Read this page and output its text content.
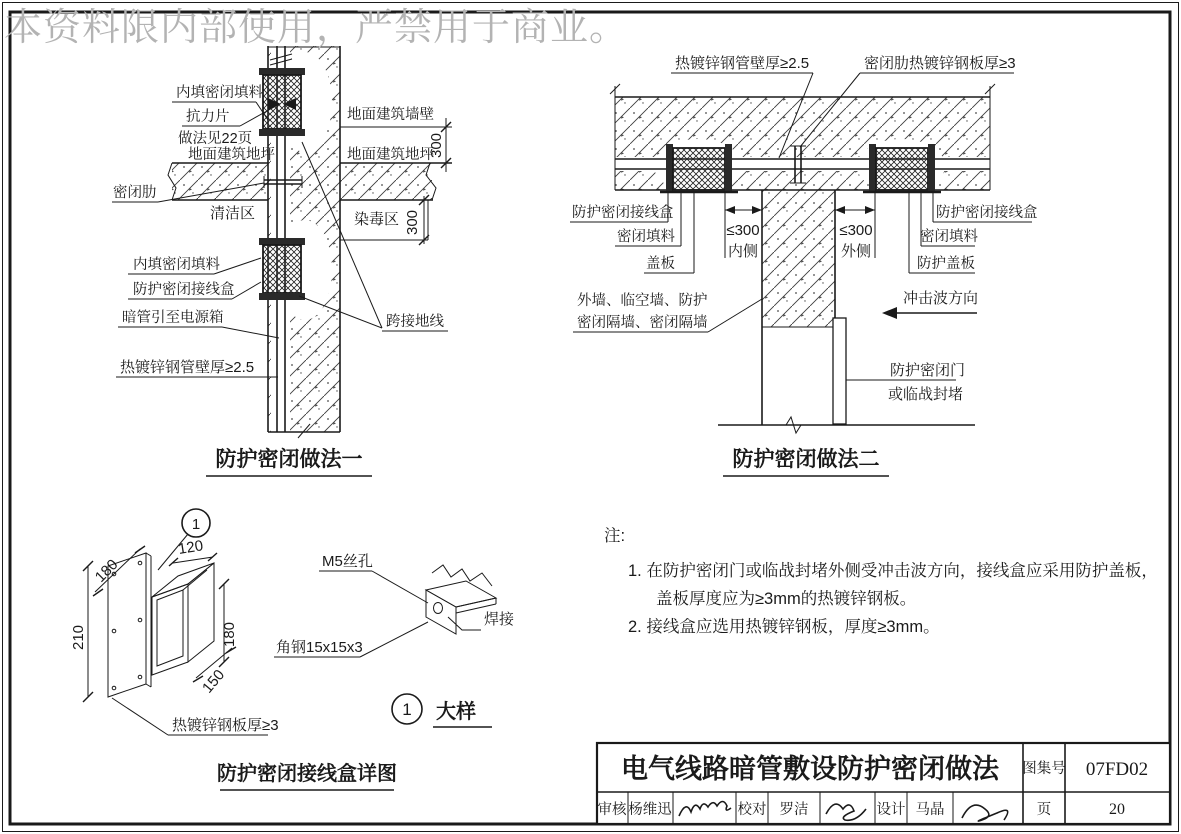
300
300
内填密闭填料
抗力片
做法见22页
地面建筑地坪
密闭肋
清洁区	染毒区
地面建筑墙壁
地面建筑地坪
内填密闭填料
防护密闭接线盒
暗管引至电源箱
热镀锌钢管壁厚≥2.5
跨接地线
防护密闭做法一
≤300
内侧
≤300
外侧
热镀锌钢管壁厚≥2.5	密闭肋热镀锌钢板厚≥3
防护密闭接线盒
密闭填料
盖板
防护密闭接线盒
密闭填料
防护盖板
外墙、临空墙、防护
密闭隔墙、密闭隔墙
冲击波方向
防护密闭门
或临战封堵
防护密闭做法二
1
180
120
210	180
150
热镀锌钢板厚≥3
防护密闭接线盒详图
M5丝孔
角钢15x15x3
焊接
1 大样
注:
1. 在防护密闭门或临战封堵外侧受冲击波方向，接线盒应采用防护盖板，
盖板厚度应为≥3mm的热镀锌钢板。
2. 接线盒应选用热镀锌钢板，厚度≥3mm。
电气线路暗管敷设防护密闭做法 图集号 07FD02
页	20
审核 杨维迅	校对 罗洁	设计 马晶
本资料限内部使用，严禁用于商业。
